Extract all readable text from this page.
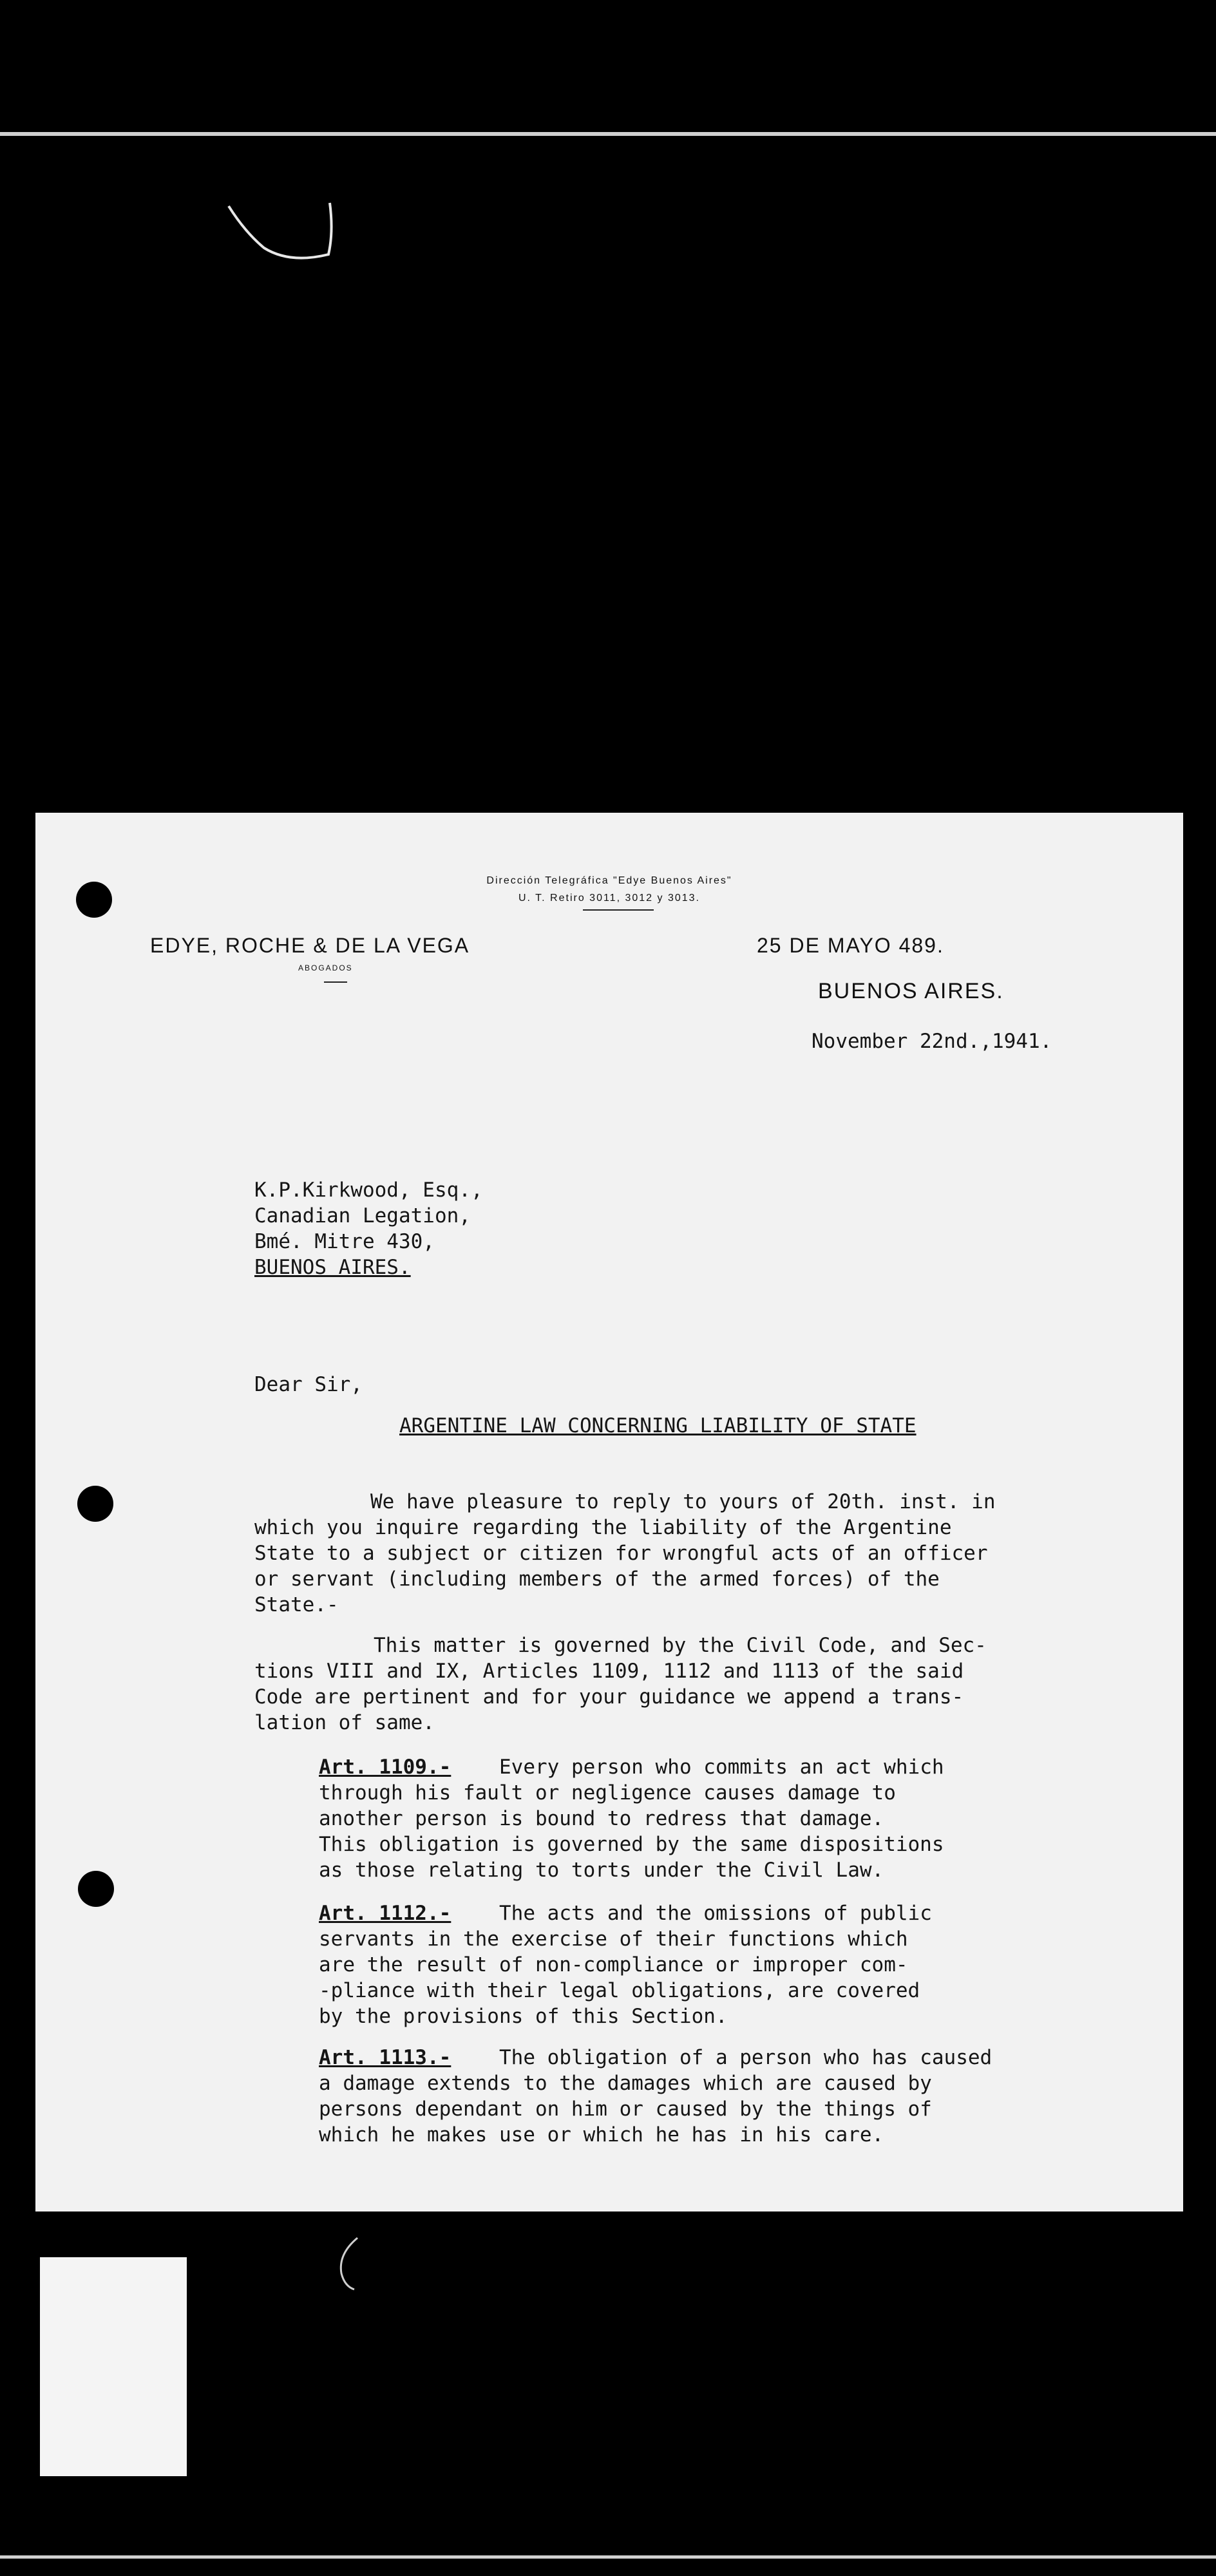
Dirección Telegráfica "Edye Buenos Aires"
U. T. Retiro 3011, 3012 y 3013.
EDYE, ROCHE & DE LA VEGA
ABOGADOS
25 DE MAYO 489.
BUENOS AIRES.
November 22nd.,1941.
K.P.Kirkwood, Esq.,
Canadian Legation,
Bmé. Mitre 430,
BUENOS AIRES.
Dear Sir,
ARGENTINE LAW CONCERNING LIABILITY OF STATE
We have pleasure to reply to yours of 20th. inst. in
which you inquire regarding the liability of the Argentine
State to a subject or citizen for wrongful acts of an officer
or servant (including members of the armed forces) of the
State.-
This matter is governed by the Civil Code, and Sec-
tions VIII and IX, Articles 1109, 1112 and 1113 of the said
Code are pertinent and for your guidance we append a trans-
lation of same.
Art. 1109.- Every person who commits an act which
through his fault or negligence causes damage to
another person is bound to redress that damage.
This obligation is governed by the same dispositions
as those relating to torts under the Civil Law.
Art. 1112.- The acts and the omissions of public
servants in the exercise of their functions which
are the result of non-compliance or improper com-
-pliance with their legal obligations, are covered
by the provisions of this Section.
Art. 1113.- The obligation of a person who has caused
a damage extends to the damages which are caused by
persons dependant on him or caused by the things of
which he makes use or which he has in his care.
